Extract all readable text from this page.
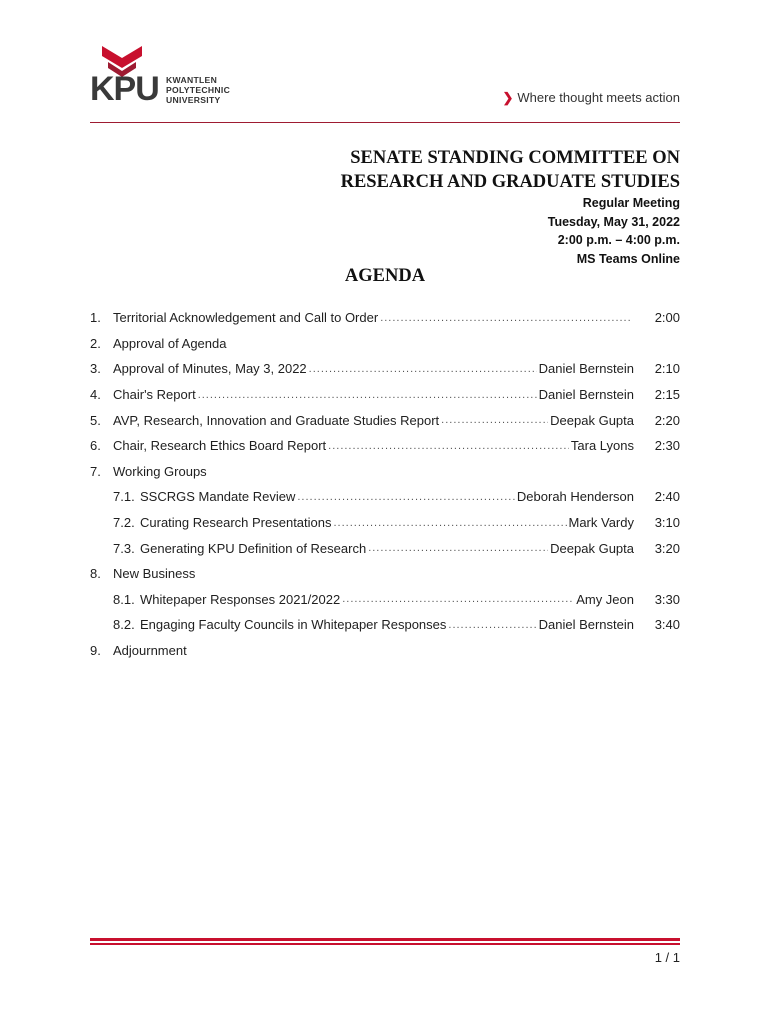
KPU KWANTLEN
POLYTECHNIC
UNIVERSITY	❯ Where thought meets action
SENATE STANDING COMMITTEE ON
RESEARCH AND GRADUATE STUDIES
Regular Meeting
Tuesday, May 31, 2022
2:00 p.m. – 4:00 p.m.
MS Teams Online
AGENDA
1. Territorial Acknowledgement and Call to Order .....	2:00
2. Approval of Agenda
3. Approval of Minutes, May 3, 2022 .....	Daniel Bernstein	2:10
4. Chair's Report .....	Daniel Bernstein	2:15
5. AVP, Research, Innovation and Graduate Studies Report .....	Deepak Gupta	2:20
6. Chair, Research Ethics Board Report .....	Tara Lyons	2:30
7. Working Groups
7.1. SSCRGS Mandate Review .....	Deborah Henderson	2:40
7.2. Curating Research Presentations .....	Mark Vardy	3:10
7.3. Generating KPU Definition of Research .....	Deepak Gupta	3:20
8. New Business
8.1. Whitepaper Responses 2021/2022 .....	Amy Jeon	3:30
8.2. Engaging Faculty Councils in Whitepaper Responses .....	Daniel Bernstein	3:40
9. Adjournment
1 / 1
